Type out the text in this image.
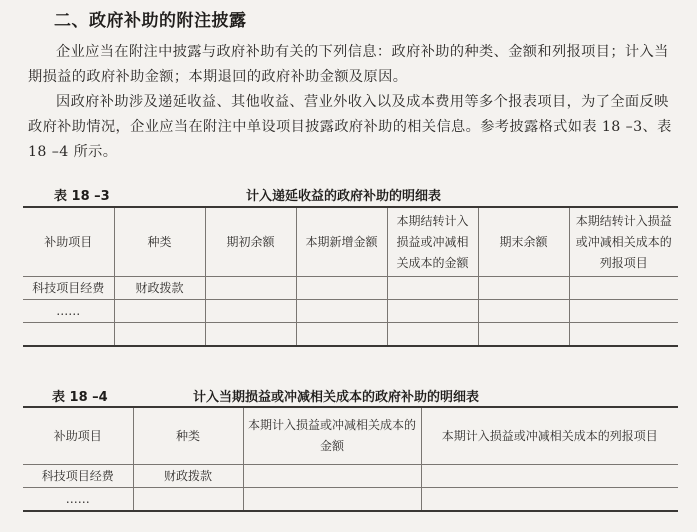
二、政府补助的附注披露

企业应当在附注中披露与政府补助有关的下列信息：政府补助的种类、金额和列报项目；计入当期损益的政府补助金额；本期退回的政府补助金额及原因。

因政府补助涉及递延收益、其他收益、营业外收入以及成本费用等多个报表项目，为了全面反映政府补助情况，企业应当在附注中单设项目披露政府补助的相关信息。参考披露格式如表 18 –3、表 18 –4 所示。

表 18 –3	计入递延收益的政府补助的明细表
补助项目	种类	期初余额	本期新增金额	本期结转计入损益或冲减相关成本的金额	期末余额	本期结转计入损益或冲减相关成本的列报项目
科技项目经费	财政拨款					
……						

表 18 –4	计入当期损益或冲减相关成本的政府补助的明细表
补助项目	种类	本期计入损益或冲减相关成本的金额	本期计入损益或冲减相关成本的列报项目
科技项目经费	财政拨款		
……			
